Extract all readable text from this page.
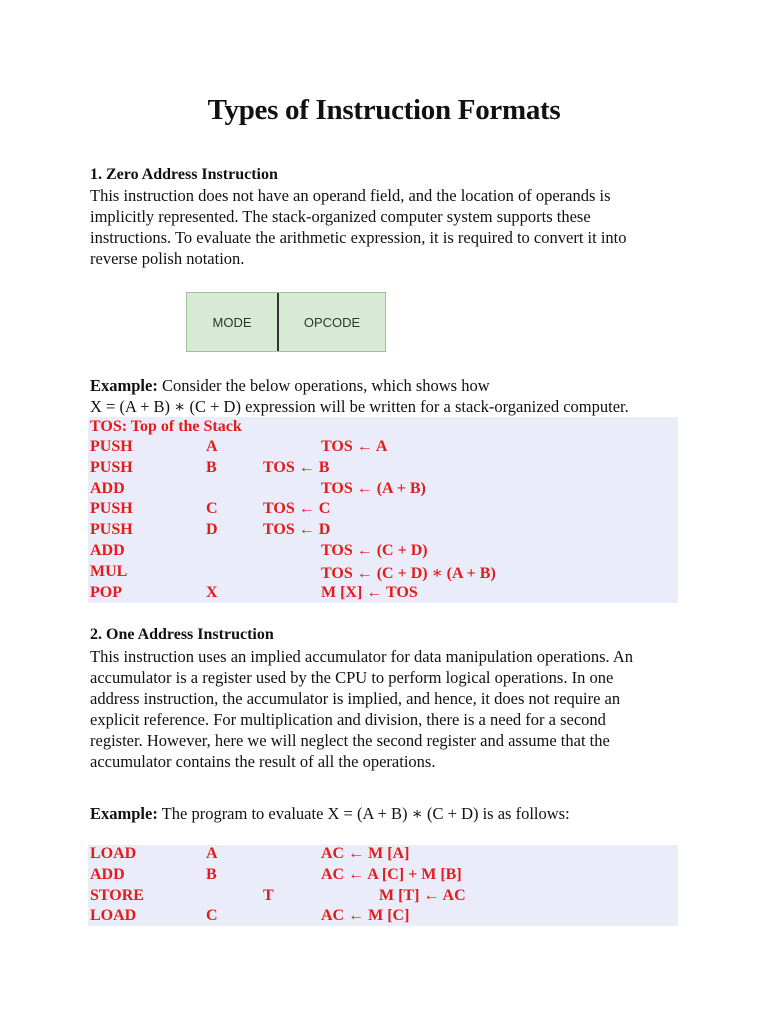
Types of Instruction Formats
1. Zero Address Instruction

This instruction does not have an operand field, and the location of operands is

implicitly represented. The stack-organized computer system supports these

instructions. To evaluate the arithmetic expression, it is required to convert it into

reverse polish notation.

MODE	OPCODE
Example: Consider the below operations, which shows how
X = (A + B) ∗ (C + D) expression will be written for a stack-organized computer.
TOS: Top of the Stack
PUSH	A	TOS ← A
PUSH	B	TOS ← B
ADD	TOS ← (A + B)
PUSH	C	TOS ← C
PUSH	D	TOS ← D
ADD	TOS ← (C + D)
MUL	TOS ← (C + D) ∗ (A + B)
POP	X	M [X] ← TOS
2. One Address Instruction

This instruction uses an implied accumulator for data manipulation operations. An

accumulator is a register used by the CPU to perform logical operations. In one

address instruction, the accumulator is implied, and hence, it does not require an

explicit reference. For multiplication and division, there is a need for a second

register. However, here we will neglect the second register and assume that the

accumulator contains the result of all the operations.

Example: The program to evaluate X = (A + B) ∗ (C + D) is as follows:
LOAD	A	AC ← M [A]
ADD	B	AC ← A [C] + M [B]
STORE	T	M [T] ← AC
LOAD	C	AC ← M [C]
